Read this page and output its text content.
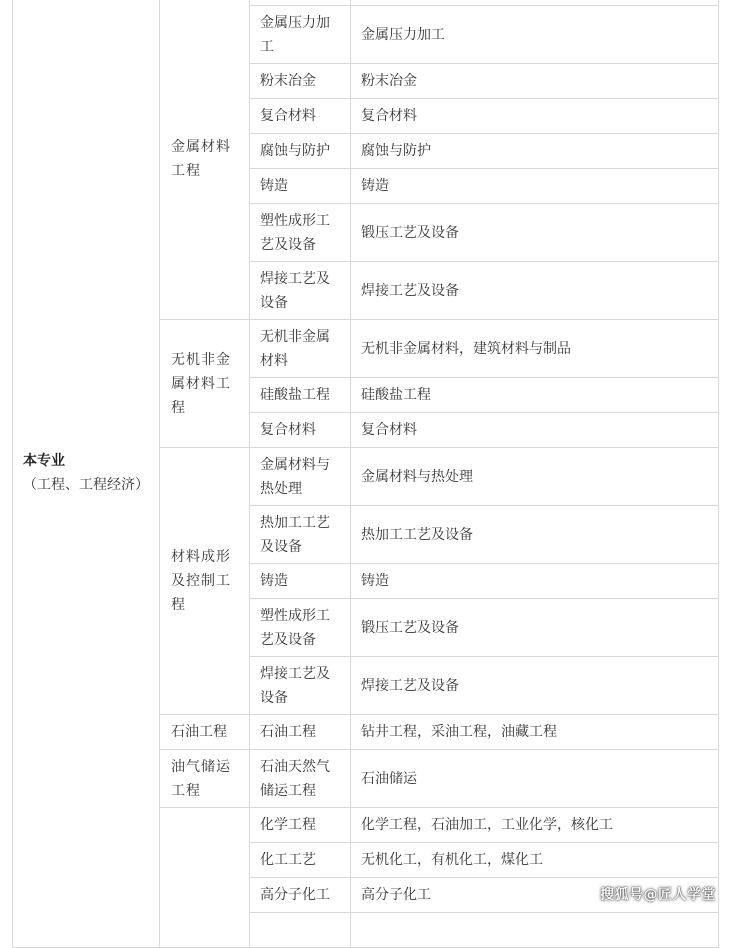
本专业
（工程、工程经济）	金属材料工程		
		金属压力加工	金属压力加工
		粉末冶金	粉末冶金
		复合材料	复合材料
		腐蚀与防护	腐蚀与防护
		铸造	铸造
		塑性成形工艺及设备	锻压工艺及设备
		焊接工艺及设备	焊接工艺及设备
	无机非金属材料工程	无机非金属材料	无机非金属材料，建筑材料与制品
		硅酸盐工程	硅酸盐工程
		复合材料	复合材料
	材料成形及控制工程	金属材料与热处理	金属材料与热处理
		热加工工艺及设备	热加工工艺及设备
		铸造	铸造
		塑性成形工艺及设备	锻压工艺及设备
		焊接工艺及设备	焊接工艺及设备
	石油工程	石油工程	钻井工程，采油工程，油藏工程
	油气储运工程	石油天然气储运工程	石油储运
		化学工程	化学工程，石油加工，工业化学，核化工
		化工工艺	无机化工，有机化工，煤化工
		高分子化工	高分子化工
		搜狐号@匠人学堂
